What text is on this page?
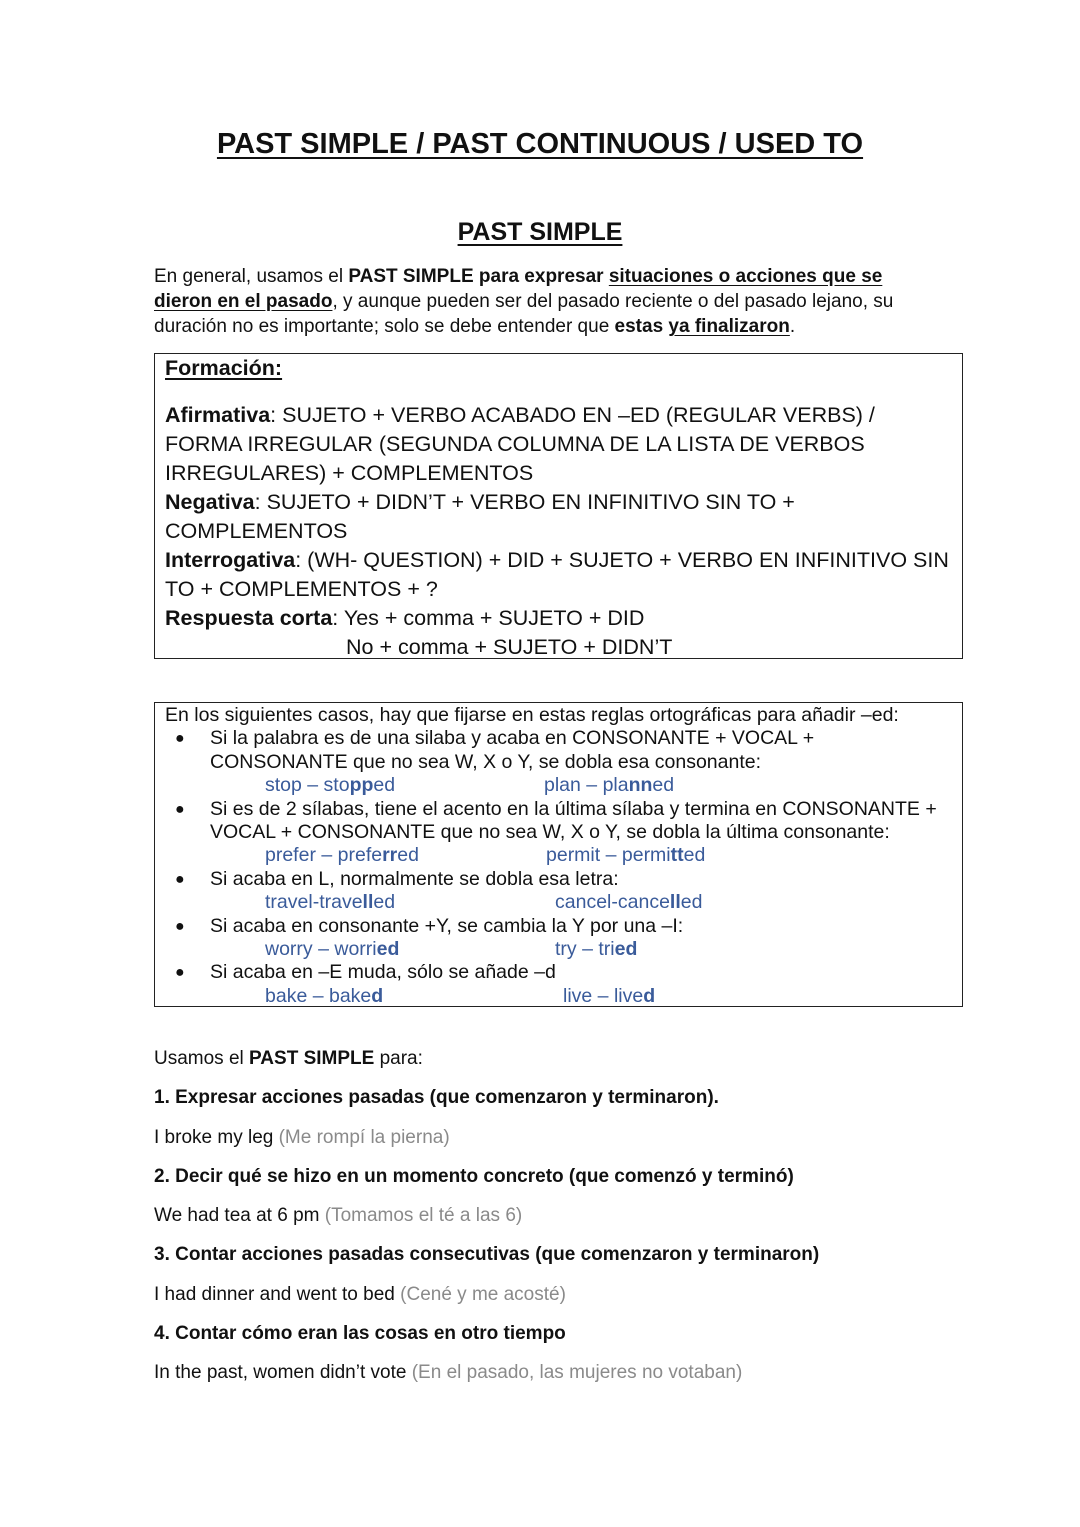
PAST SIMPLE / PAST CONTINUOUS / USED TO
PAST SIMPLE
En general, usamos el PAST SIMPLE para expresar situaciones o acciones que se dieron en el pasado, y aunque pueden ser del pasado reciente o del pasado lejano, su duración no es importante; solo se debe entender que estas ya finalizaron.
Formación:
Afirmativa: SUJETO + VERBO ACABADO EN –ED (REGULAR VERBS) / FORMA IRREGULAR (SEGUNDA COLUMNA DE LA LISTA DE VERBOS IRREGULARES) + COMPLEMENTOS
Negativa: SUJETO + DIDN’T + VERBO EN INFINITIVO SIN TO + COMPLEMENTOS
Interrogativa: (WH- QUESTION) + DID + SUJETO + VERBO EN INFINITIVO SIN TO + COMPLEMENTOS + ?
Respuesta corta: Yes + comma + SUJETO + DID
No + comma + SUJETO + DIDN’T
En los siguientes casos, hay que fijarse en estas reglas ortográficas para añadir –ed:
● Si la palabra es de una silaba y acaba en CONSONANTE + VOCAL + CONSONANTE que no sea W, X o Y, se dobla esa consonante:
stop – stopped	plan – planned
● Si es de 2 sílabas, tiene el acento en la última sílaba y termina en CONSONANTE + VOCAL + CONSONANTE que no sea W, X o Y, se dobla la última consonante:
prefer – preferred	permit – permitted
● Si acaba en L, normalmente se dobla esa letra:
travel-travelled	cancel-cancelled
● Si acaba en consonante +Y, se cambia la Y por una –I:
worry – worried	try – tried
● Si acaba en –E muda, sólo se añade –d
bake – baked	live – lived

Usamos el PAST SIMPLE para:

1. Expresar acciones pasadas (que comenzaron y terminaron).

I broke my leg (Me rompí la pierna)

2. Decir qué se hizo en un momento concreto (que comenzó y terminó)

We had tea at 6 pm (Tomamos el té a las 6)

3. Contar acciones pasadas consecutivas (que comenzaron y terminaron)

I had dinner and went to bed (Cené y me acosté)

4. Contar cómo eran las cosas en otro tiempo

In the past, women didn’t vote (En el pasado, las mujeres no votaban)
